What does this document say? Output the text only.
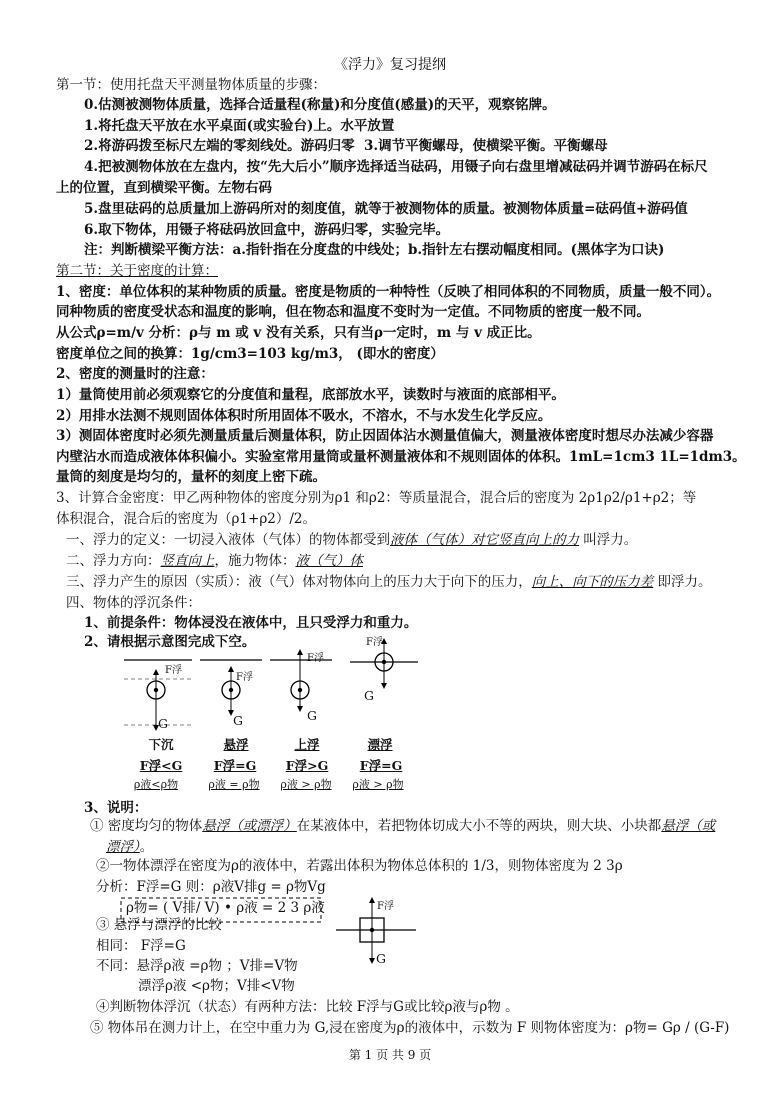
《浮力》复习提纲
第一节：使用托盘天平测量物体质量的步骤：
0.估测被测物体质量，选择合适量程(称量)和分度值(感量)的天平，观察铭牌。
1.将托盘天平放在水平桌面(或实验台)上。水平放置
2.将游码拨至标尺左端的零刻线处。游码归零 3.调节平衡螺母，使横梁平衡。平衡螺母
4.把被测物体放在左盘内，按“先大后小”顺序选择适当砝码，用镊子向右盘里增减砝码并调节游码在标尺
上的位置，直到横梁平衡。左物右码
5.盘里砝码的总质量加上游码所对的刻度值，就等于被测物体的质量。被测物体质量=砝码值+游码值
6.取下物体，用镊子将砝码放回盒中，游码归零，实验完毕。
注：判断横梁平衡方法：a.指针指在分度盘的中线处；b.指针左右摆动幅度相同。(黑体字为口诀)
第二节：关于密度的计算：
1、密度：单位体积的某种物质的质量。密度是物质的一种特性（反映了相同体积的不同物质，质量一般不同）。
同种物质的密度受状态和温度的影响，但在物态和温度不变时为一定值。不同物质的密度一般不同。
从公式ρ=m/v 分析：ρ与 m 或 v 没有关系，只有当ρ一定时，m 与 v 成正比。
密度单位之间的换算：1g/cm3=103 kg/m3， (即水的密度）
2、密度的测量时的注意：
1）量筒使用前必须观察它的分度值和量程，底部放水平，读数时与液面的底部相平。
2）用排水法测不规则固体体积时所用固体不吸水，不溶水，不与水发生化学反应。
3）测固体密度时必须先测量质量后测量体积，防止因固体沾水测量值偏大，测量液体密度时想尽办法减少容器
内壁沾水而造成液体体积偏小。实验室常用量筒或量杯测量液体和不规则固体的体积。1mL=1cm3 1L=1dm3。
量筒的刻度是均匀的，量杯的刻度上密下疏。
3、计算合金密度：甲乙两种物体的密度分别为ρ1 和ρ2：等质量混合，混合后的密度为 2ρ1ρ2/ρ1+ρ2；等
体积混合，混合后的密度为（ρ1+ρ2）/2。
一、浮力的定义：一切浸入液体（气体）的物体都受到液体（气体）对它竖直向上的力 叫浮力。
二、浮力方向：竖直向上，施力物体：液（气）体
三、浮力产生的原因（实质）：液（气）体对物体向上的压力大于向下的压力，向上、向下的压力差 即浮力。
四、物体的浮沉条件：
1、前提条件：物体浸没在液体中，且只受浮力和重力。
2、请根据示意图完成下空。
F浮
G
F浮
G
F浮
G
F浮
G
下沉	悬浮	上浮	漂浮
F浮<G	F浮=G	F浮>G	F浮=G
ρ液<ρ物	ρ液 = ρ物	ρ液 > ρ物	ρ液 > ρ物
3、说明：
① 密度均匀的物体悬浮（或漂浮）在某液体中，若把物体切成大小不等的两块，则大块、小块都悬浮（或
漂浮）。
②一物体漂浮在密度为ρ的液体中，若露出体积为物体总体积的 1/3，则物体密度为 2 3ρ
分析：F浮=G 则：ρ液V排g = ρ物Vg
ρ物= ( V排/ V) • ρ液 = 2 3 ρ液
③ 悬浮与漂浮的比较
相同： F浮=G
不同：悬浮ρ液 =ρ物 ；V排=V物
漂浮ρ液 <ρ物；V排<V物
F浮
G
④判断物体浮沉（状态）有两种方法：比较 F浮与G或比较ρ液与ρ物 。
⑤ 物体吊在测力计上，在空中重力为 G,浸在密度为ρ的液体中，示数为 F 则物体密度为：ρ物= Gρ / (G-F)
第 1 页 共 9 页
